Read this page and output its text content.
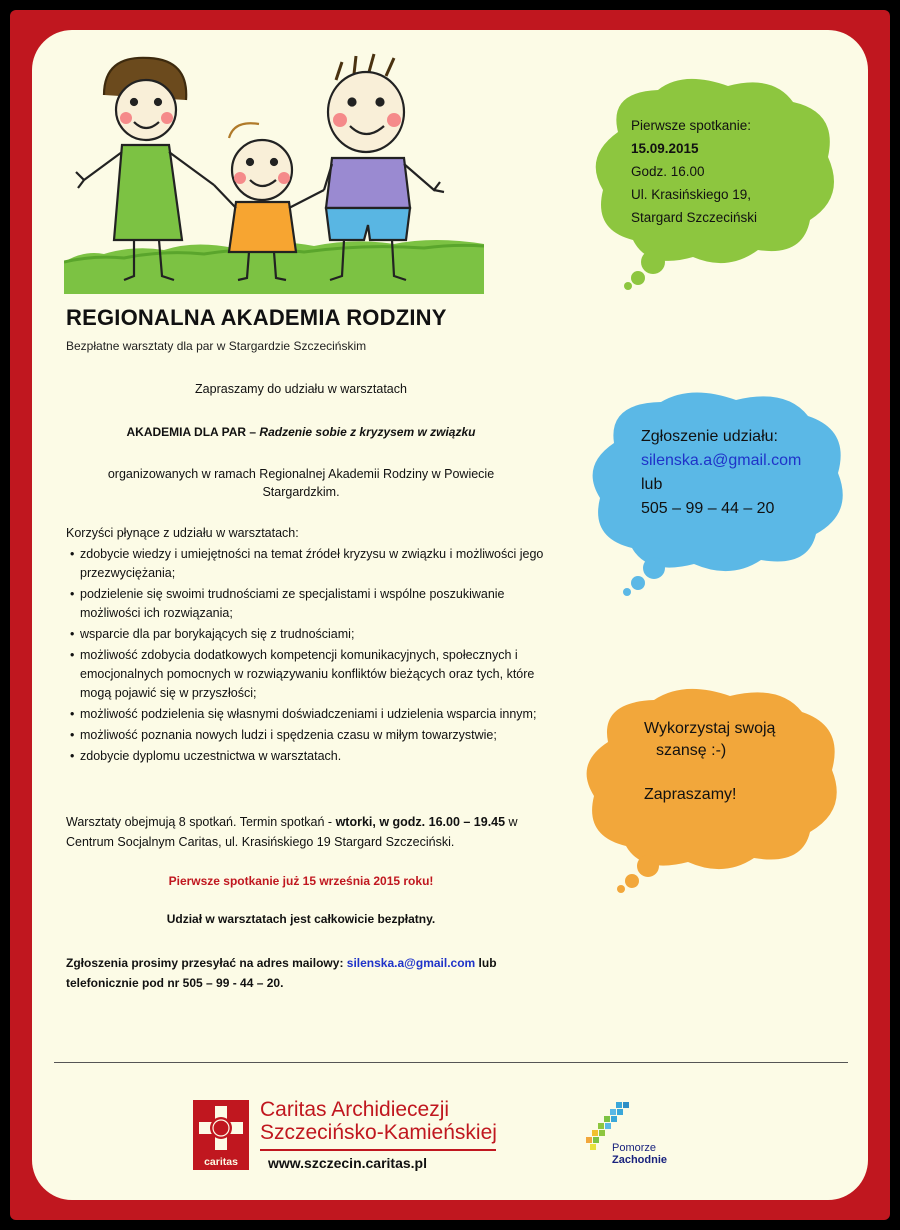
REGIONALNA AKADEMIA RODZINY
Bezpłatne warsztaty dla par w Stargardzie Szczecińskim
Zapraszamy do udziału w warsztatach
AKADEMIA DLA PAR – Radzenie sobie z kryzysem w związku
organizowanych w ramach Regionalnej Akademii Rodziny w Powiecie
Stargardzkim.
Korzyści płynące z udziału w warsztatach:
• zdobycie wiedzy i umiejętności na temat źródeł kryzysu w związku i możliwości jego przezwyciężania;
• podzielenie się swoimi trudnościami ze specjalistami i wspólne poszukiwanie możliwości ich rozwiązania;
• wsparcie dla par borykających się z trudnościami;
• możliwość zdobycia dodatkowych kompetencji komunikacyjnych, społecznych i emocjonalnych pomocnych w rozwiązywaniu konfliktów bieżących oraz tych, które mogą pojawić się w przyszłości;
• możliwość podzielenia się własnymi doświadczeniami i udzielenia wsparcia innym;
• możliwość poznania nowych ludzi i spędzenia czasu w miłym towarzystwie;
• zdobycie dyplomu uczestnictwa w warsztatach.
Warsztaty obejmują 8 spotkań. Termin spotkań - wtorki, w godz. 16.00 – 19.45 w Centrum Socjalnym Caritas, ul. Krasińskiego 19 Stargard Szczeciński.
Pierwsze spotkanie już 15 września 2015 roku!
Udział w warsztatach jest całkowicie bezpłatny.
Zgłoszenia prosimy przesyłać na adres mailowy: silenska.a@gmail.com lub telefonicznie pod nr 505 – 99 - 44 – 20.
Pierwsze spotkanie:
15.09.2015
Godz. 16.00
Ul. Krasińskiego 19,
Stargard Szczeciński
Zgłoszenie udziału:
silenska.a@gmail.com
lub
505 – 99 – 44 – 20
Wykorzystaj swoją
szansę :-)
Zapraszamy!
caritas
Caritas Archidiecezji
Szczecińsko-Kamieńskiej
www.szczecin.caritas.pl
Pomorze
Zachodnie
